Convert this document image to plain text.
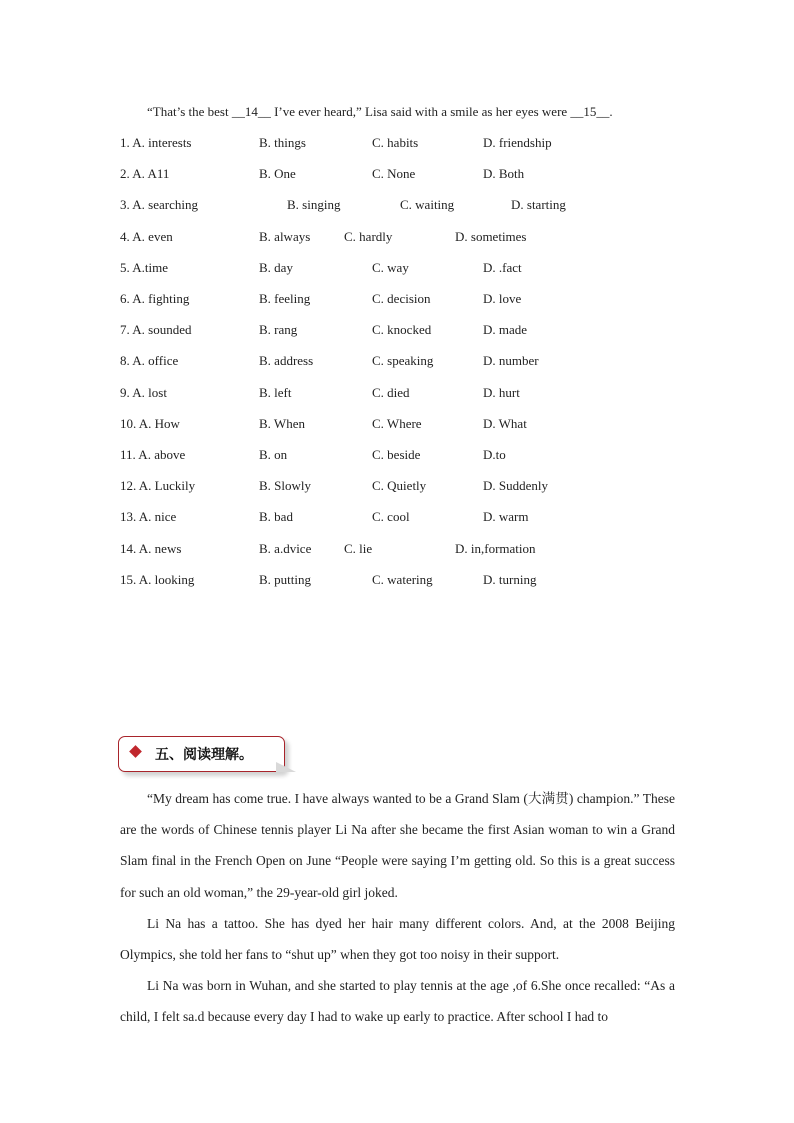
“That’s the best __14__ I’ve ever heard,” Lisa said with a smile as her eyes were __15__.
1. A. interests	B. things	C. habits	D. friendship
2. A. A11	B. One	C. None	D. Both
3. A. searching	B. singing	C. waiting	D. starting
4. A. even	B. always	C. hardly	D. sometimes
5. A.time	B. day	C. way	D. .fact
6. A. fighting	B. feeling	C. decision	D. love
7. A. sounded	B. rang	C. knocked	D. made
8. A. office	B. address	C. speaking	D. number
9. A. lost	B. left	C. died	D. hurt
10. A. How	B. When	C. Where	D. What
11. A. above	B. on	C. beside	D.to
12. A. Luckily	B. Slowly	C. Quietly	D. Suddenly
13. A. nice	B. bad	C. cool	D. warm
14. A. news	B. a.dvice	C. lie	D. in,formation
15. A. looking	B. putting	C. watering	D. turning
五、阅读理解。

“My dream has come true. I have always wanted to be a Grand Slam (大满贯) champion.” These are the words of Chinese tennis player Li Na after she became the first Asian woman to win a Grand Slam final in the French Open on June “People were saying I’m getting old. So this is a great success for such an old woman,” the 29-year-old girl joked.

Li Na has a tattoo. She has dyed her hair many different colors. And, at the 2008 Beijing Olympics, she told her fans to “shut up” when they got too noisy in their support.

Li Na was born in Wuhan, and she started to play tennis at the age ,of 6.She once recalled: “As a child, I felt sa.d because every day I had to wake up early to practice. After school I had to
